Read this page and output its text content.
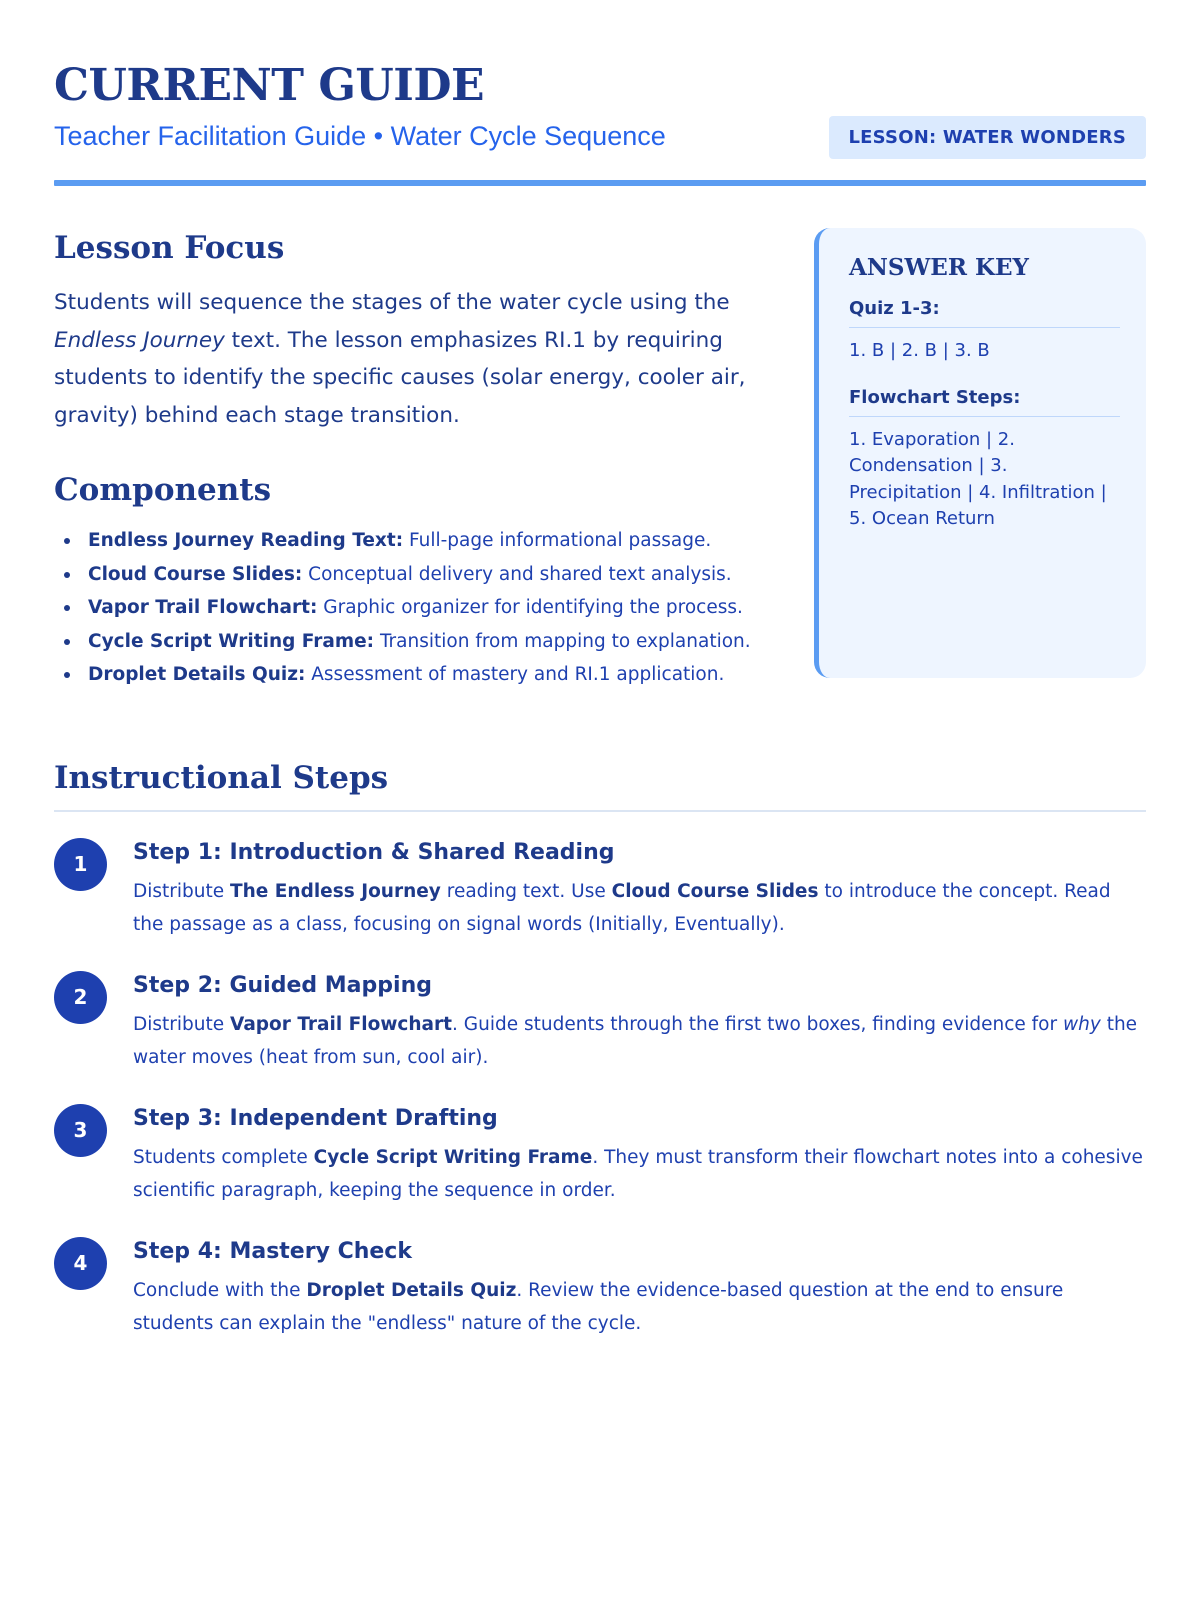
CURRENT GUIDE
Teacher Facilitation Guide • Water Cycle Sequence	LESSON: WATER WONDERS
Lesson Focus

Students will sequence the stages of the water cycle using the Endless Journey text. The lesson emphasizes RI.1 by requiring students to identify the specific causes (solar energy, cooler air, gravity) behind each stage transition.

Components
Endless Journey Reading Text: Full-page informational passage.
Cloud Course Slides: Conceptual delivery and shared text analysis.
Vapor Trail Flowchart: Graphic organizer for identifying the process.
Cycle Script Writing Frame: Transition from mapping to explanation.
Droplet Details Quiz: Assessment of mastery and RI.1 application.
ANSWER KEY
Quiz 1-3:
1. B | 2. B | 3. B
Flowchart Steps:
1. Evaporation | 2. Condensation | 3. Precipitation | 4. Infiltration | 5. Ocean Return
Instructional Steps
1	Step 1: Introduction & Shared Reading

Distribute The Endless Journey reading text. Use Cloud Course Slides to introduce the concept. Read the passage as a class, focusing on signal words (Initially, Eventually).

2	Step 2: Guided Mapping

Distribute Vapor Trail Flowchart. Guide students through the first two boxes, finding evidence for why the water moves (heat from sun, cool air).

3	Step 3: Independent Drafting

Students complete Cycle Script Writing Frame. They must transform their flowchart notes into a cohesive scientific paragraph, keeping the sequence in order.

4	Step 4: Mastery Check

Conclude with the Droplet Details Quiz. Review the evidence-based question at the end to ensure students can explain the "endless" nature of the cycle.
